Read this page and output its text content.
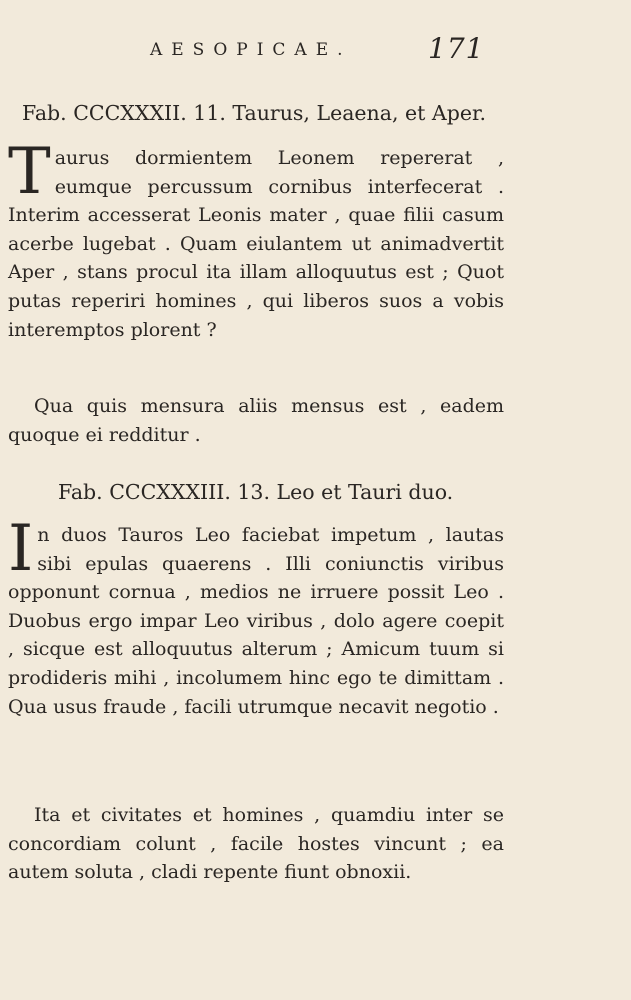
AESOPICAE.	171
Fab. CCCXXXII. 11. Taurus, Leaena, et Aper.
Taurus dormientem Leonem repererat , eumque percussum cornibus interfecerat . Interim accesserat Leonis mater , quae filii casum acerbe lugebat . Quam eiulantem ut animadvertit Aper , stans procul ita illam alloquutus est ; Quot putas reperiri homines , qui liberos suos a vobis interemptos plorent ?
Qua quis mensura aliis mensus est , eadem quoque ei redditur .
Fab. CCCXXXIII. 13. Leo et Tauri duo.
In duos Tauros Leo faciebat impetum , lautas sibi epulas quaerens . Illi coniunctis viribus opponunt cornua , medios ne irruere possit Leo . Duobus ergo impar Leo viribus , dolo agere coepit , sicque est alloquutus alterum ; Amicum tuum si prodideris mihi , incolumem hinc ego te dimittam . Qua usus fraude , facili utrumque necavit negotio .
Ita et civitates et homines , quamdiu inter se concordiam colunt , facile hostes vincunt ; ea autem soluta , cladi repente fiunt obnoxii.
